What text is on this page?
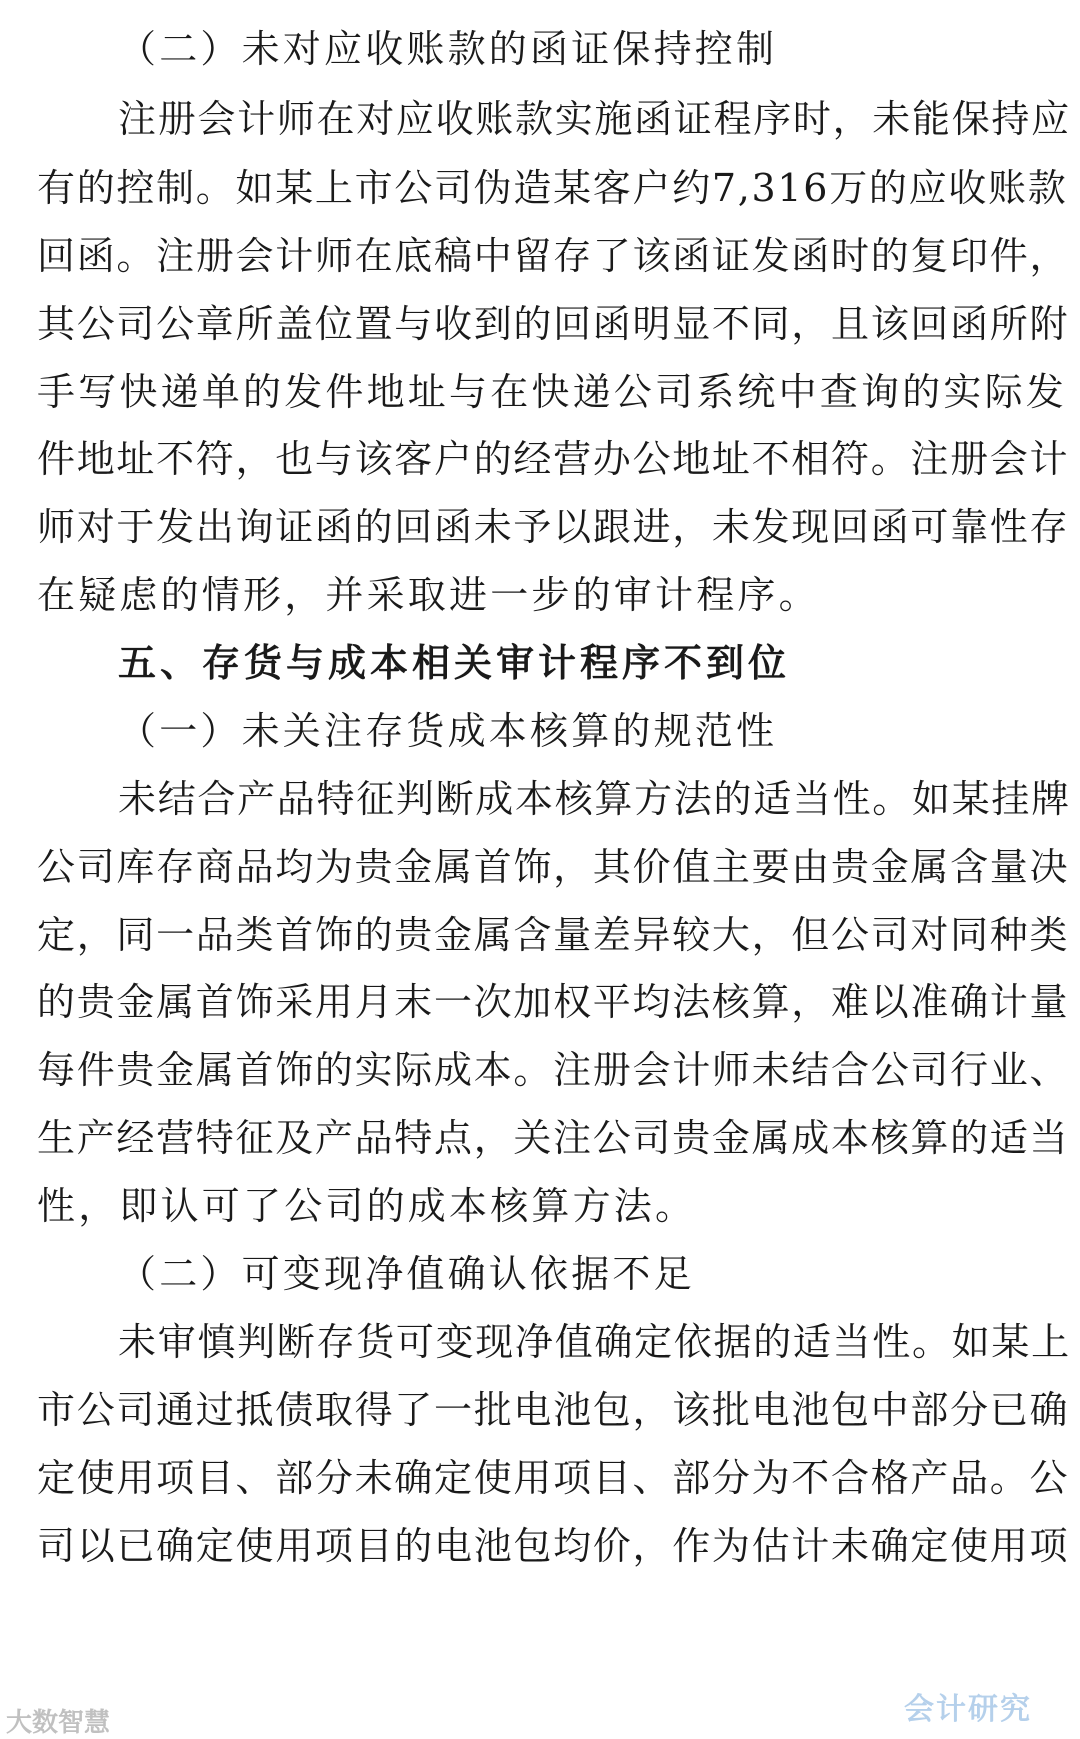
（二）未对应收账款的函证保持控制
注册会计师在对应收账款实施函证程序时，未能保持应
有的控制。如某上市公司伪造某客户约7,316万的应收账款
回函。注册会计师在底稿中留存了该函证发函时的复印件，
其公司公章所盖位置与收到的回函明显不同，且该回函所附
手写快递单的发件地址与在快递公司系统中查询的实际发
件地址不符，也与该客户的经营办公地址不相符。注册会计
师对于发出询证函的回函未予以跟进，未发现回函可靠性存
在疑虑的情形，并采取进一步的审计程序。
五、存货与成本相关审计程序不到位
（一）未关注存货成本核算的规范性
未结合产品特征判断成本核算方法的适当性。如某挂牌
公司库存商品均为贵金属首饰，其价值主要由贵金属含量决
定，同一品类首饰的贵金属含量差异较大，但公司对同种类
的贵金属首饰采用月末一次加权平均法核算，难以准确计量
每件贵金属首饰的实际成本。注册会计师未结合公司行业、
生产经营特征及产品特点，关注公司贵金属成本核算的适当
性，即认可了公司的成本核算方法。
（二）可变现净值确认依据不足
未审慎判断存货可变现净值确定依据的适当性。如某上
市公司通过抵债取得了一批电池包，该批电池包中部分已确
定使用项目、部分未确定使用项目、部分为不合格产品。公
司以已确定使用项目的电池包均价，作为估计未确定使用项
大数智慧	会计研究
